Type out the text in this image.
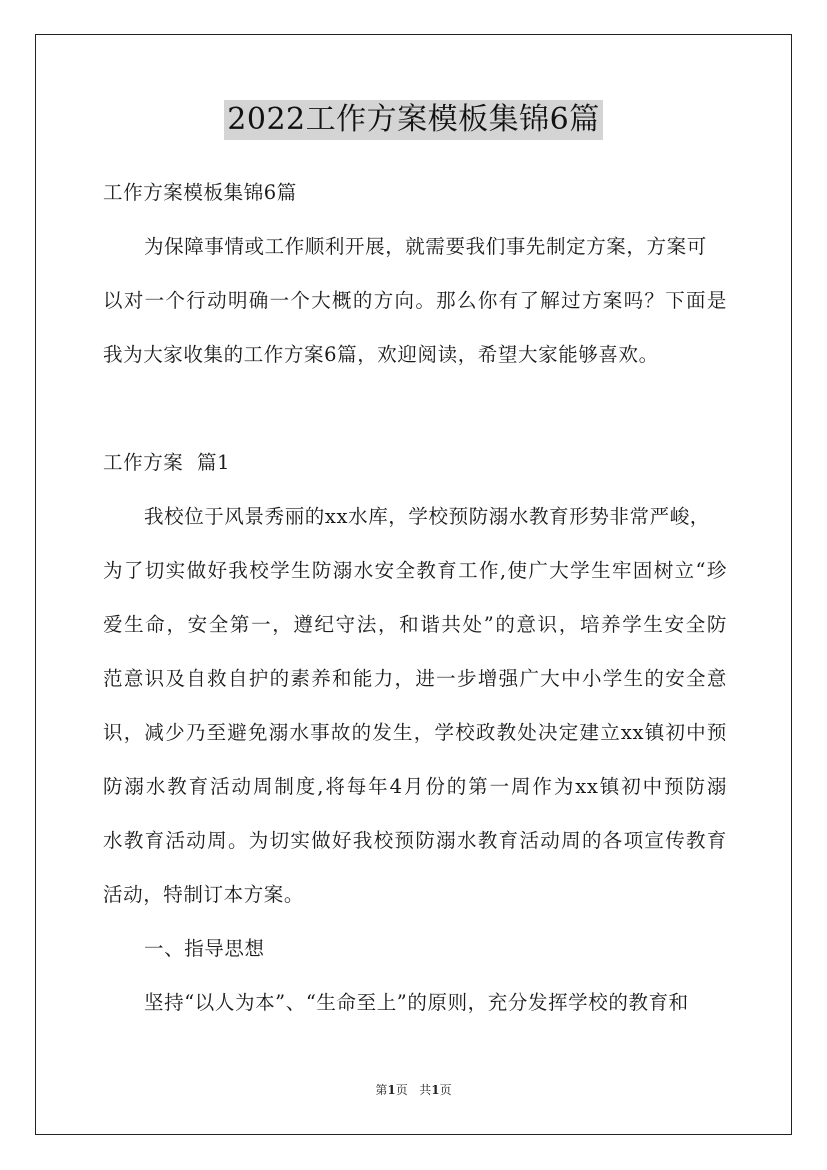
2022工作方案模板集锦6篇
工作方案模板集锦6篇
为保障事情或工作顺利开展，就需要我们事先制定方案，方案可
以对一个行动明确一个大概的方向。那么你有了解过方案吗？下面是
我为大家收集的工作方案6篇，欢迎阅读，希望大家能够喜欢。
工作方案  篇1
我校位于风景秀丽的xx水库，学校预防溺水教育形势非常严峻，
为了切实做好我校学生防溺水安全教育工作,使广大学生牢固树立“珍
爱生命，安全第一，遵纪守法，和谐共处”的意识，培养学生安全防
范意识及自救自护的素养和能力，进一步增强广大中小学生的安全意
识，减少乃至避免溺水事故的发生，学校政教处决定建立xx镇初中预
防溺水教育活动周制度,将每年4月份的第一周作为xx镇初中预防溺
水教育活动周。为切实做好我校预防溺水教育活动周的各项宣传教育
活动，特制订本方案。
一、指导思想
坚持“以人为本”、“生命至上”的原则，充分发挥学校的教育和
第1页   共1页
